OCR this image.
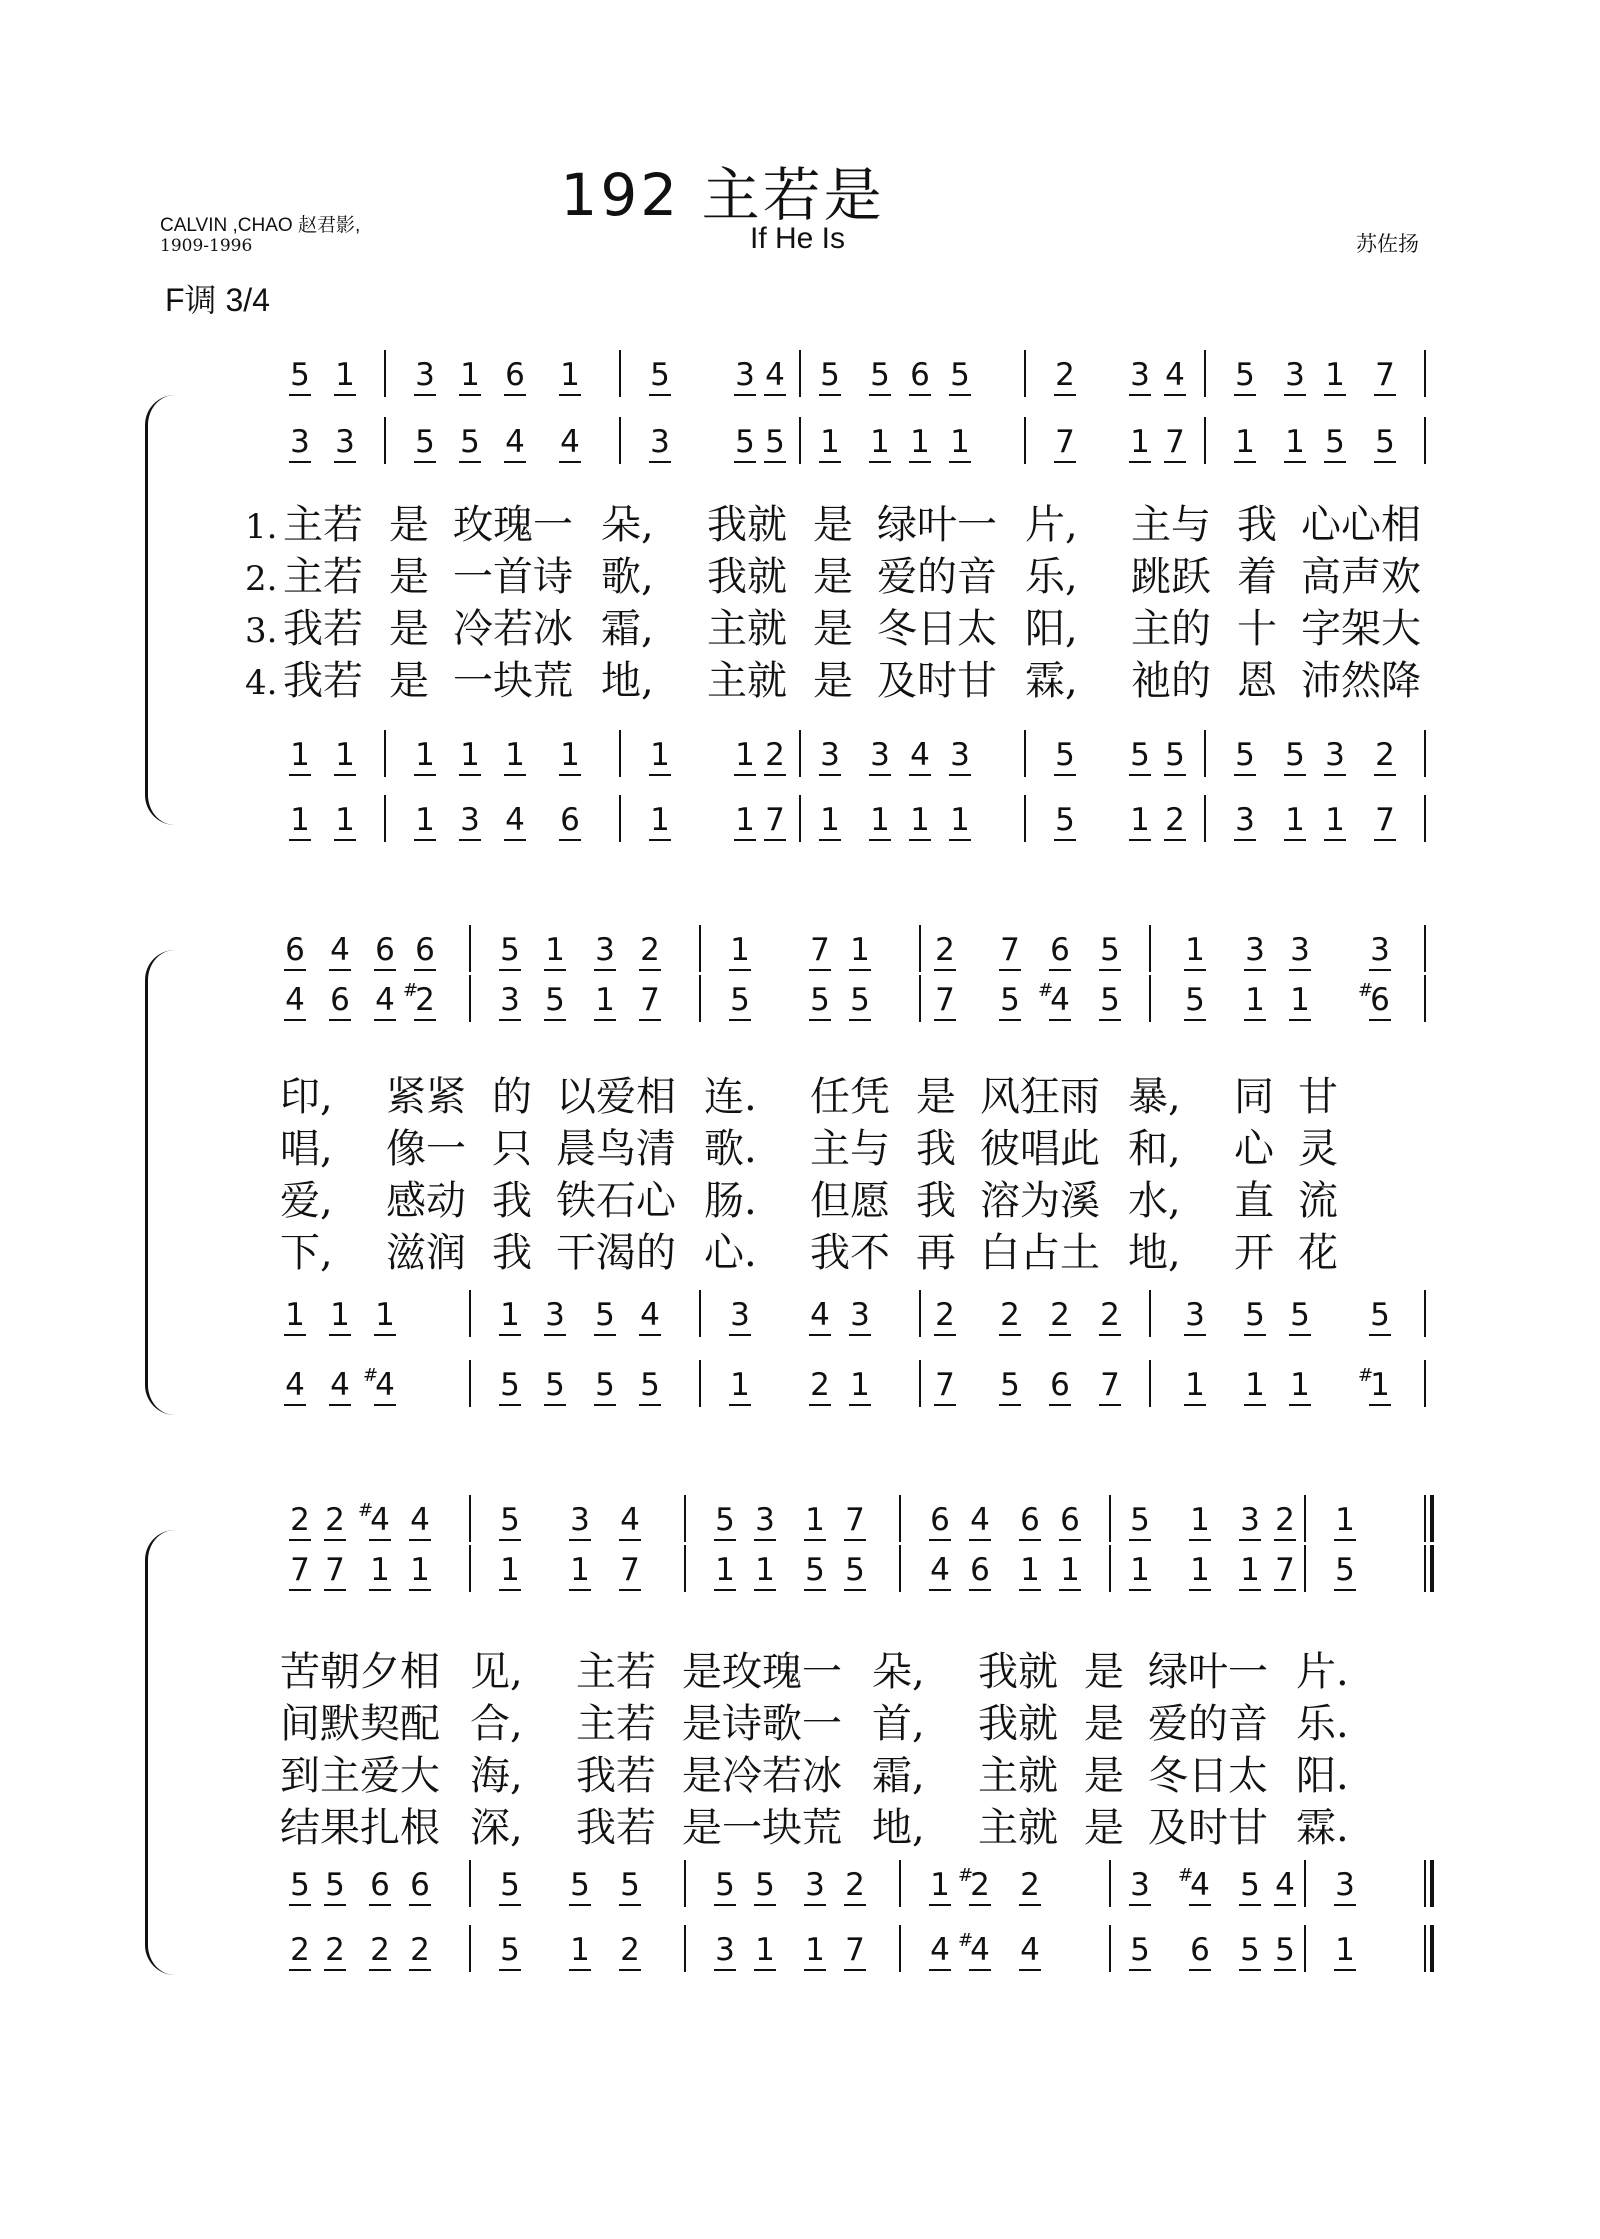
192 主若是
If He Is
CALVIN ,CHAO 赵君影,
1909-1996	苏佐扬
F调 3/4
5 1
3 3
1 1
1 1
3 1 6 1
5 5 4 4
1 1 1 1
1 3 4 6
5 3 4
3 5 5
1 1 2
1 1 7
5 5 6 5
1 1 1 1
3 3 4 3
1 1 1 1
2 3 4
7 1 7
5 5 5
5 1 2
5 3 1 7
1 1 5 5
5 5 3 2
3 1 1 7
1. 主若 是 玫瑰一 朵, 我就 是 绿叶一 片, 主与 我 心心相
2. 主若 是 一首诗 歌, 我就 是 爱的音 乐, 跳跃 着 高声欢
3. 我若 是 冷若冰 霜, 主就 是 冬日太 阳, 主的 十 字架大
4. 我若 是 一块荒 地, 主就 是 及时甘 霖, 祂的 恩 沛然降
6 4 6 6
4 6 4 2
#
1 1 1
4 4 4
#
5 1 3 2
3 5 1 7
1 3 5 4
5 5 5 5
1 7 1
5 5 5
3 4 3
1 2 1
2 7 6 5
7 5 4
# 5
2 2 2 2
7 5 6 7
1 3 3 3
5 1 1 6
#
3 5 5 5
1 1 1 1
#
印, 紧紧 的 以爱相 连. 任凭 是 风狂雨 暴, 同 甘
唱, 像一 只 晨鸟清 歌. 主与 我 彼唱此 和, 心 灵
爱, 感动 我 铁石心 肠. 但愿 我 溶为溪 水, 直 流
下, 滋润 我 干渴的 心. 我不 再 白占土 地, 开 花
2 2 4
# 4
7 7 1 1
5 5 6 6
2 2 2 2
5 3 4
1 1 7
5 5 5
5 1 2
5 3 1 7
1 1 5 5
5 5 3 2
3 1 1 7
6 4 6 6
4 6 1 1
1 2
# 2
4 4
# 4
5 1 3 2
1 1 1 7
3 4
# 5 4
5 6 5 5
1
5
3
1
苦朝夕相 见, 主若 是玫瑰一 朵, 我就 是 绿叶一 片.
间默契配 合, 主若 是诗歌一 首, 我就 是 爱的音 乐.
到主爱大 海, 我若 是冷若冰 霜, 主就 是 冬日太 阳.
结果扎根 深, 我若 是一块荒 地, 主就 是 及时甘 霖.
